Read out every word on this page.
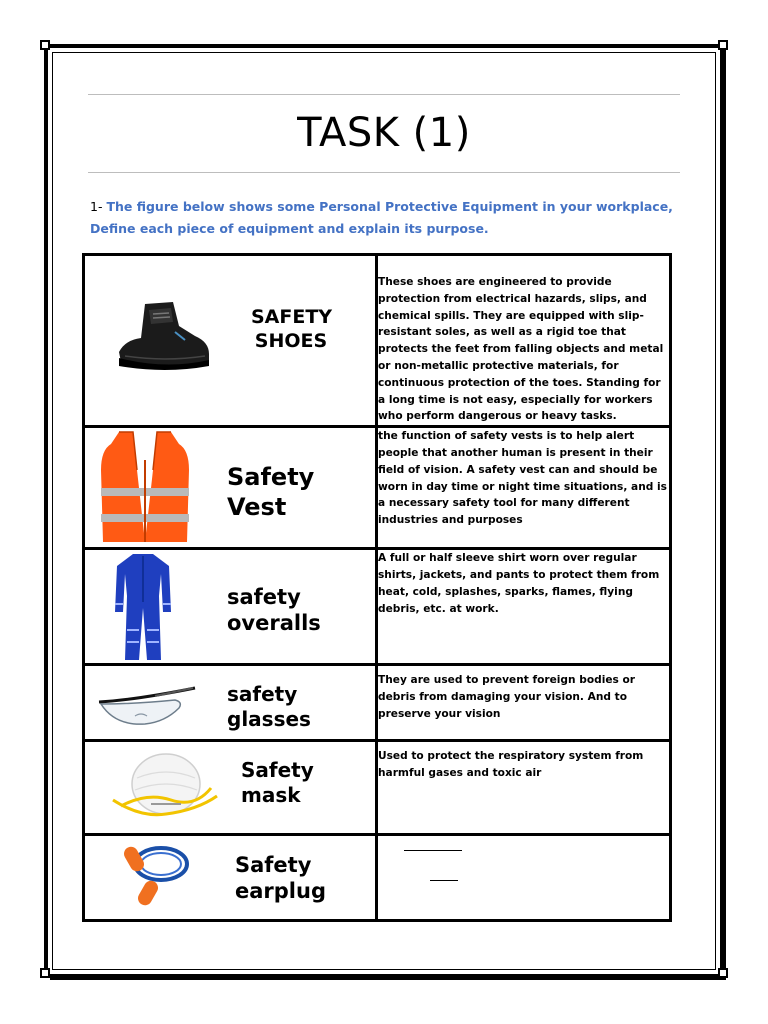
TASK (1)
1- The figure below shows some Personal Protective Equipment in your workplace, Define each piece of equipment and explain its purpose.
SAFETY
SHOES	These shoes are engineered to provide protection from electrical hazards, slips, and chemical spills. They are equipped with slip-resistant soles, as well as a rigid toe that protects the feet from falling objects and metal or non-metallic protective materials, for continuous protection of the toes. Standing for a long time is not easy, especially for workers who perform dangerous or heavy tasks.

Safety
Vest	the function of safety vests is to help alert people that another human is present in their field of vision. A safety vest can and should be worn in day time or night time situations, and is a necessary safety tool for many different industries and purposes

safety
overalls	A full or half sleeve shirt worn over regular shirts, jackets, and pants to protect them from heat, cold, splashes, sparks, flames, flying debris, etc. at work.

safety
glasses	They are used to prevent foreign bodies or debris from damaging your vision. And to preserve your vision

Safety
mask	Used to protect the respiratory system from harmful gases and toxic air

Safety
earplug	
